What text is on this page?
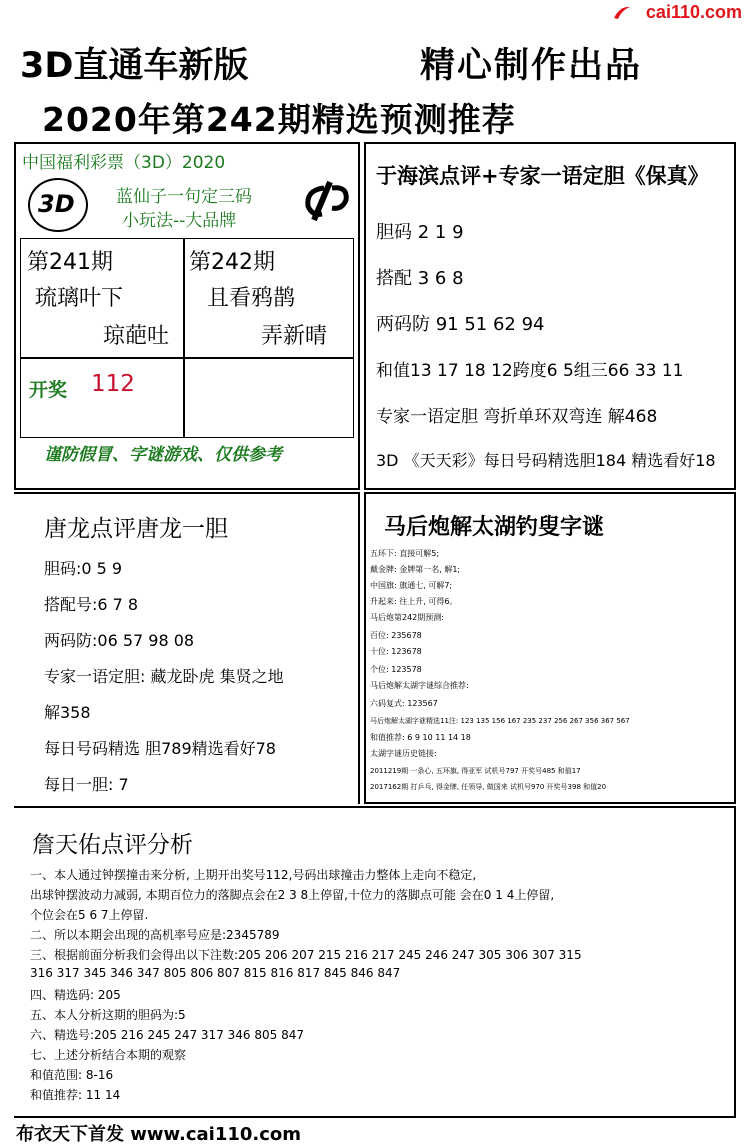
cai110.com
3D直通车新版	精心制作出品
2020年第242期精选预测推荐
中国福利彩票（3D）2020
3D 蓝仙子一句定三码
小玩法--大品牌
第241期
琉璃叶下
琼葩吐
第242期
且看鸦鹊
弄新晴
开奖 112
谨防假冒、字谜游戏、仅供参考
于海滨点评+专家一语定胆《保真》
胆码 2 1 9
搭配 3 6 8
两码防 91 51 62 94
和值13 17 18 12跨度6 5组三66 33 11
专家一语定胆 弯折单环双弯连 解468
3D 《天天彩》每日号码精选胆184 精选看好18
唐龙点评唐龙一胆
胆码:0 5 9
搭配号:6 7 8
两码防:06 57 98 08
专家一语定胆: 藏龙卧虎 集贤之地
解358
每日号码精选 胆789精选看好78
每日一胆: 7
马后炮解太湖钓叟字谜
五环下: 直接可解5;
戴金牌: 金牌第一名, 解1;
中国旗: 旗通七, 可解7;
升起来: 往上升, 可得6。
马后炮第242期预测:
百位: 235678
十位: 123678
个位: 123578
马后炮解太湖字谜综合推荐:
六码复式: 123567
马后炮解太湖字谜精选11注: 123 135 156 167 235 237 256 267 356 367 567
和值推荐: 6 9 10 11 14 18
太湖字谜历史链接:
2011219期 一条心, 五环旗, 得亚军 试机号797 开奖号485 和值17
2017162期 打乒乓, 得金牌, 任领导, 做国来 试机号970 开奖号398 和值20
詹天佑点评分析
一、本人通过钟摆撞击来分析, 上期开出奖号112,号码出球撞击力整体上走向不稳定,
出球钟摆波动力减弱, 本期百位力的落脚点会在2 3 8上停留,十位力的落脚点可能 会在0 1 4上停留,
个位会在5 6 7上停留.
二、所以本期会出现的高机率号应是:2345789
三、根据前面分析我们会得出以下注数:205 206 207 215 216 217 245 246 247 305 306 307 315
316 317 345 346 347 805 806 807 815 816 817 845 846 847
四、精选码: 205
五、本人分析这期的胆码为:5
六、精选号:205 216 245 247 317 346 805 847
七、上述分析结合本期的观察
和值范围: 8-16
和值推荐: 11 14
布衣天下首发 www.cai110.com
